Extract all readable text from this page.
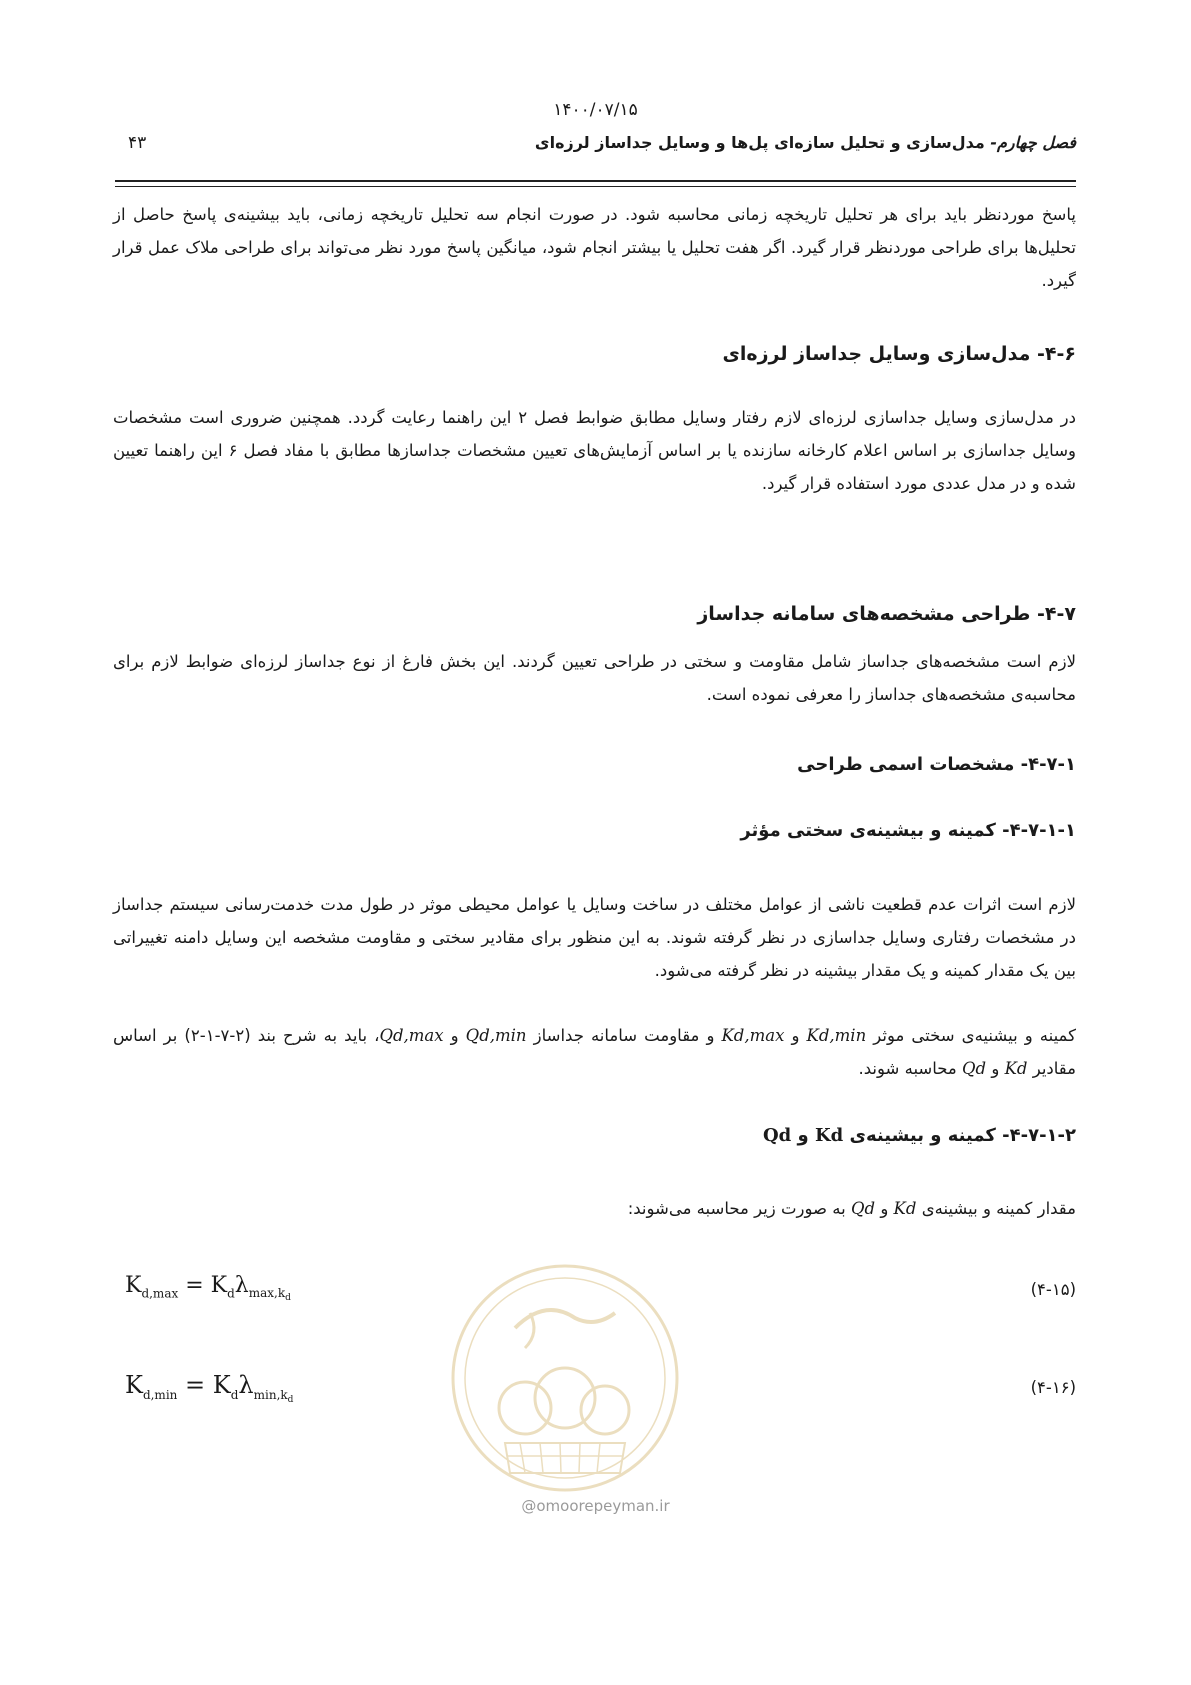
۱۴۰۰/۰۷/۱۵
فصل چهارم- مدل‌سازی و تحلیل سازه‌ای پل‌ها و وسایل جداساز لرزه‌ای
۴۳

پاسخ موردنظر باید برای هر تحلیل تاریخچه زمانی محاسبه شود. در صورت انجام سه تحلیل تاریخچه زمانی، باید بیشینه‌ی پاسخ حاصل از تحلیل‌ها برای طراحی موردنظر قرار گیرد. اگر هفت تحلیل یا بیشتر انجام شود، میانگین پاسخ مورد نظر می‌تواند برای طراحی ملاک عمل قرار گیرد.

۴-۶- مدل‌سازی وسایل جداساز لرزه‌ای

در مدل‌سازی وسایل جداسازی لرزه‌ای لازم رفتار وسایل مطابق ضوابط فصل ۲ این راهنما رعایت گردد. همچنین ضروری است مشخصات وسایل جداسازی بر اساس اعلام کارخانه سازنده یا بر اساس آزمایش‌های تعیین مشخصات جداسازها مطابق با مفاد فصل ۶ این راهنما تعیین شده و در مدل عددی مورد استفاده قرار گیرد.

۴-۷- طراحی مشخصه‌های سامانه جداساز

لازم است مشخصه‌های جداساز شامل مقاومت و سختی در طراحی تعیین گردند. این بخش فارغ از نوع جداساز لرزه‌ای ضوابط لازم برای محاسبه‌ی مشخصه‌های جداساز را معرفی نموده است.

۴-۷-۱- مشخصات اسمی طراحی
۴-۷-۱-۱- کمینه و بیشینه‌ی سختی مؤثر

لازم است اثرات عدم قطعیت ناشی از عوامل مختلف در ساخت وسایل یا عوامل محیطی موثر در طول مدت خدمت‌رسانی سیستم جداساز در مشخصات رفتاری وسایل جداسازی در نظر گرفته شوند. به این منظور برای مقادیر سختی و مقاومت مشخصه این وسایل دامنه تغییراتی بین یک مقدار کمینه و یک مقدار بیشینه در نظر گرفته می‌شود.

کمینه و بیشنیه‌ی سختی موثر Kd,min و Kd,max و مقاومت سامانه جداساز Qd,min و Qd,max، باید به شرح بند (۲-۷-۱-۲) بر اساس مقادیر Kd و Qd محاسبه شوند.

۴-۷-۱-۲- کمینه و بیشینه‌ی Kd و Qd

مقدار کمینه و بیشینه‌ی Kd و Qd به صورت زیر محاسبه می‌شوند:

@omoorepeyman.ir
(۴-۱۵)
$K_{d,max} = K_d\lambda_{max,k_d}$
(۴-۱۶)
$K_{d,min} = K_d\lambda_{min,k_d}$
